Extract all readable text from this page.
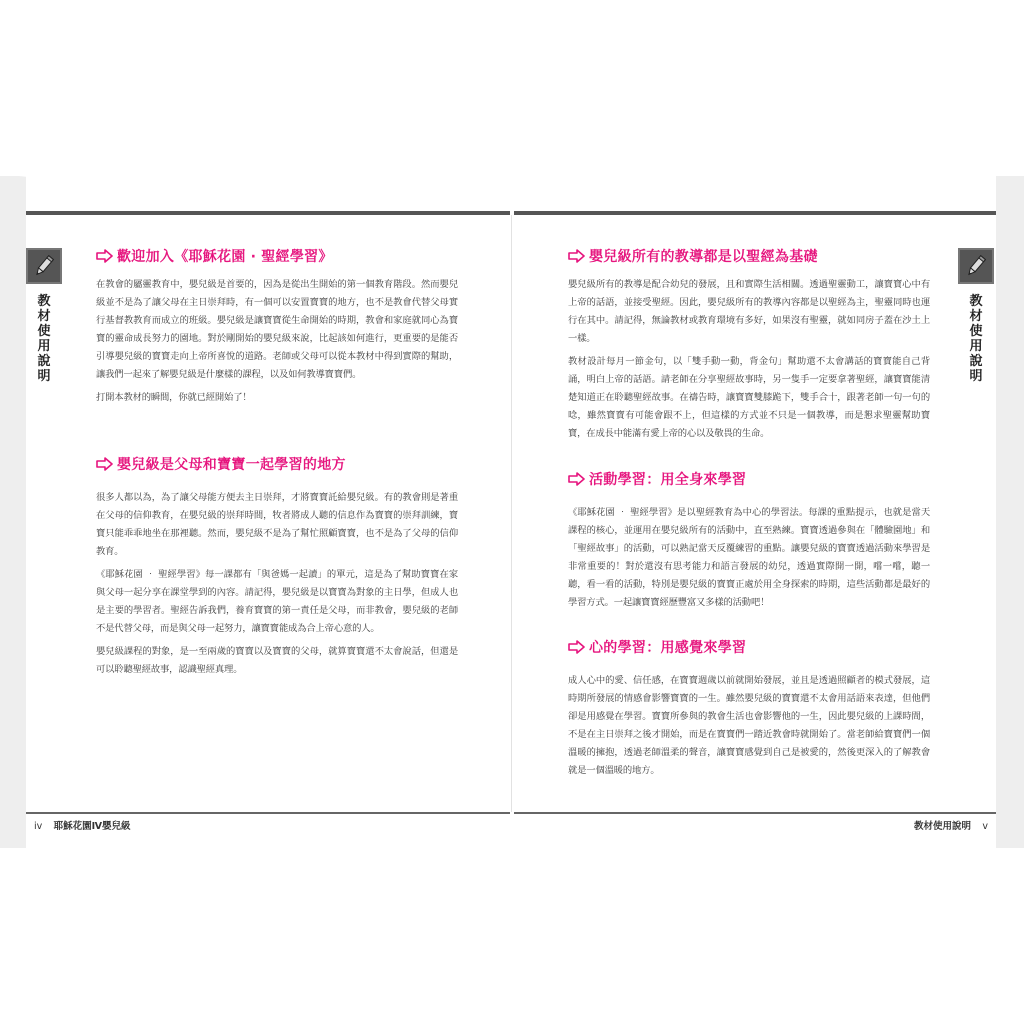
教材使用說明
教材使用說明
歡迎加入《耶穌花園 ‧ 聖經學習》

在教會的屬靈教育中，嬰兒級是首要的，因為是從出生開始的第一個教育階段。然而嬰兒級並不是為了讓父母在主日崇拜時，有一個可以安置寶寶的地方，也不是教會代替父母實行基督教教育而成立的班級。嬰兒級是讓寶寶從生命開始的時期，教會和家庭就同心為寶寶的靈命成長努力的園地。對於剛開始的嬰兒級來說，比起該如何進行，更重要的是能否引導嬰兒級的寶寶走向上帝所喜悅的道路。老師或父母可以從本教材中得到實際的幫助，讓我們一起來了解嬰兒級是什麼樣的課程，以及如何教導寶寶們。

打開本教材的瞬間，你就已經開始了！

嬰兒級是父母和寶寶一起學習的地方

很多人都以為，為了讓父母能方便去主日崇拜，才將寶寶託給嬰兒級。有的教會則是著重在父母的信仰教育，在嬰兒級的崇拜時間，牧者將成人聽的信息作為寶寶的崇拜訓練，寶寶只能乖乖地坐在那裡聽。然而，嬰兒級不是為了幫忙照顧寶寶，也不是為了父母的信仰教育。

《耶穌花園 ‧ 聖經學習》每一課都有「與爸媽一起讀」的單元，這是為了幫助寶寶在家與父母一起分享在課堂學到的內容。請記得，嬰兒級是以寶寶為對象的主日學，但成人也是主要的學習者。聖經告訴我們，養育寶寶的第一責任是父母，而非教會，嬰兒級的老師不是代替父母，而是與父母一起努力，讓寶寶能成為合上帝心意的人。

嬰兒級課程的對象，是一至兩歲的寶寶以及寶寶的父母，就算寶寶還不太會說話，但還是可以聆聽聖經故事，認識聖經真理。

嬰兒級所有的教導都是以聖經為基礎

嬰兒級所有的教導是配合幼兒的發展，且和實際生活相關。透過聖靈動工，讓寶寶心中有上帝的話語，並接受聖經。因此，嬰兒級所有的教導內容都是以聖經為主，聖靈同時也運行在其中。請記得，無論教材或教育環境有多好，如果沒有聖靈，就如同房子蓋在沙土上一樣。

教材設計每月一節金句，以「雙手動一動，背金句」幫助還不太會講話的寶寶能自己背誦，明白上帝的話語。請老師在分享聖經故事時，另一隻手一定要拿著聖經，讓寶寶能清楚知道正在聆聽聖經故事。在禱告時，讓寶寶雙膝跪下，雙手合十，跟著老師一句一句的唸，雖然寶寶有可能會跟不上，但這樣的方式並不只是一個教導，而是懇求聖靈幫助寶寶，在成長中能滿有愛上帝的心以及敬畏的生命。

活動學習：用全身來學習

《耶穌花園 ‧ 聖經學習》是以聖經教育為中心的學習法。每課的重點提示，也就是當天課程的核心，並運用在嬰兒級所有的活動中，直至熟練。寶寶透過參與在「體驗園地」和「聖經故事」的活動，可以熟記當天反覆練習的重點。讓嬰兒級的寶寶透過活動來學習是非常重要的！對於還沒有思考能力和語言發展的幼兒，透過實際開一開，嚐一嚐，聽一聽，看一看的活動，特別是嬰兒級的寶寶正處於用全身探索的時期，這些活動都是最好的學習方式。一起讓寶寶經歷豐富又多樣的活動吧！

心的學習：用感覺來學習

成人心中的愛、信任感，在寶寶週歲以前就開始發展，並且是透過照顧者的模式發展，這時期所發展的情感會影響寶寶的一生。雖然嬰兒級的寶寶還不太會用話語來表達，但他們卻是用感覺在學習。寶寶所參與的教會生活也會影響他的一生，因此嬰兒級的上課時間，不是在主日崇拜之後才開始，而是在寶寶們一踏近教會時就開始了。當老師給寶寶們一個溫暖的擁抱，透過老師溫柔的聲音，讓寶寶感覺到自己是被愛的，然後更深入的了解教會就是一個溫暖的地方。

iv 耶穌花園Ⅳ嬰兒級	教材使用說明 v
